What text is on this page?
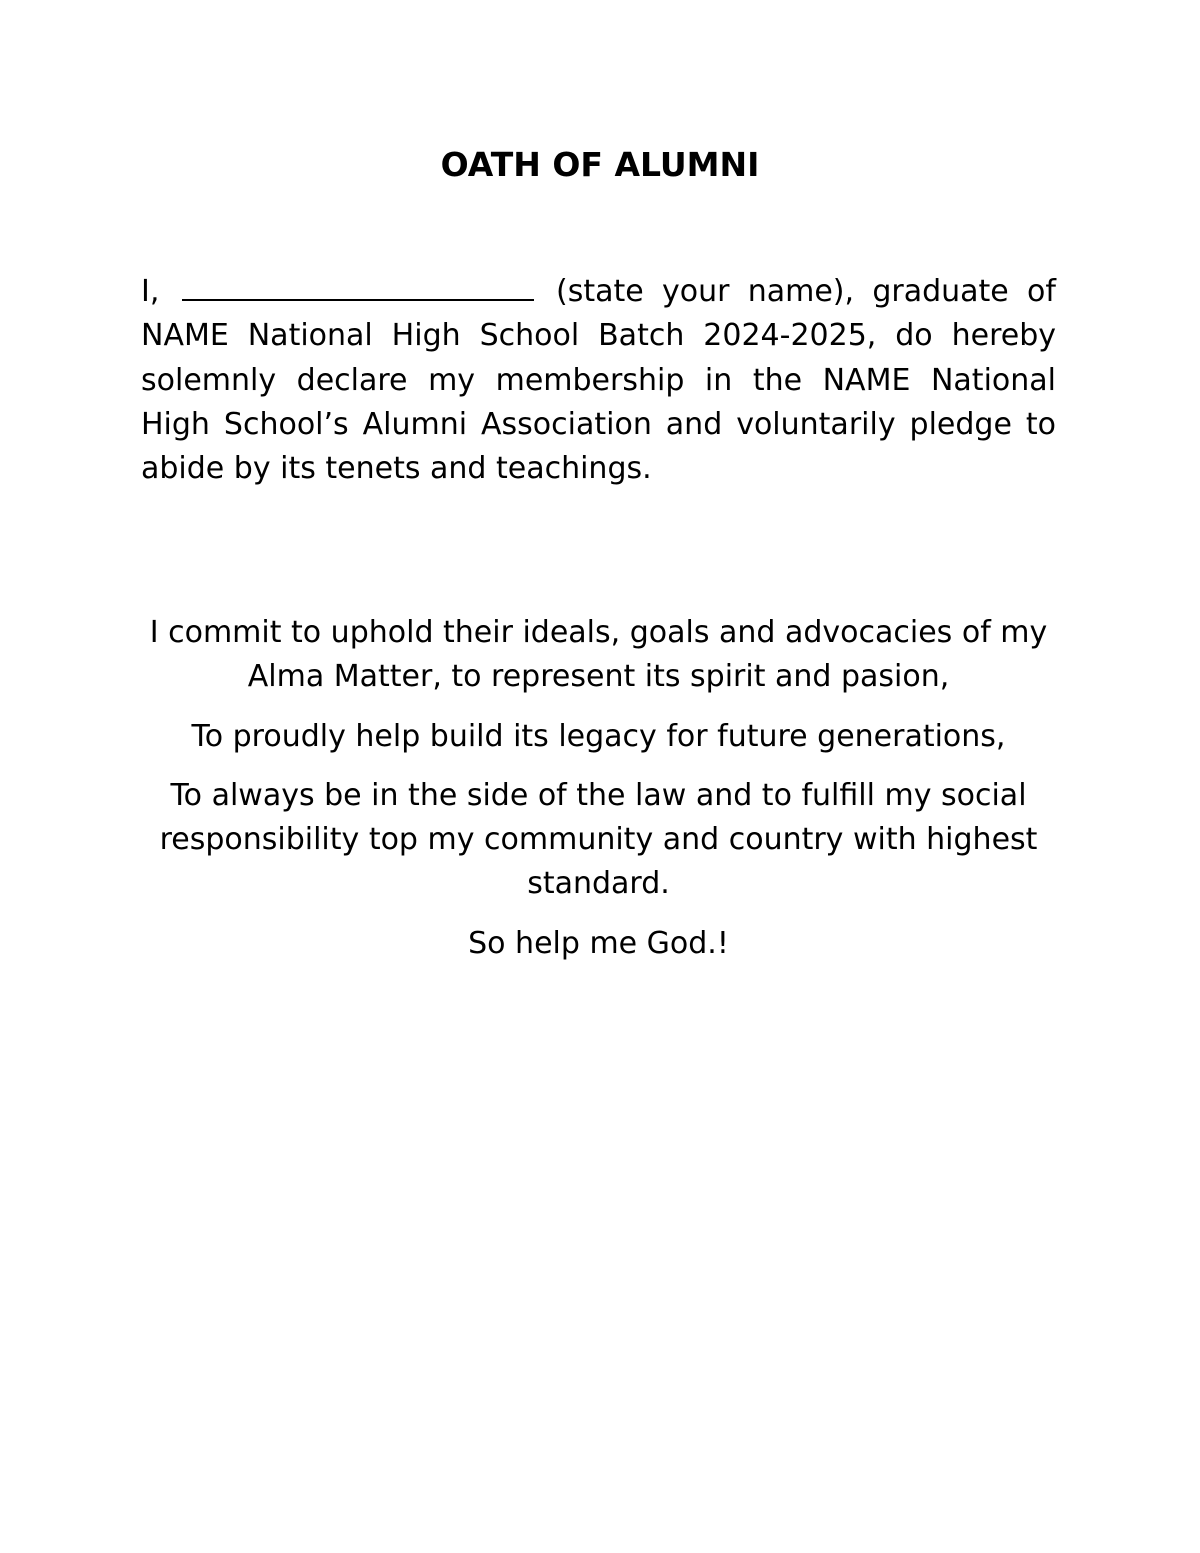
OATH OF ALUMNI

I,	(state your name), graduate of NAME National High School Batch 2024-2025, do hereby solemnly declare my membership in the NAME National High School’s Alumni Association and voluntarily pledge to abide by its tenets and teachings.

I commit to uphold their ideals, goals and advocacies of my Alma Matter, to represent its spirit and pasion,

To proudly help build its legacy for future generations,

To always be in the side of the law and to fulfill my social responsibility top my community and country with highest standard.

So help me God.!
